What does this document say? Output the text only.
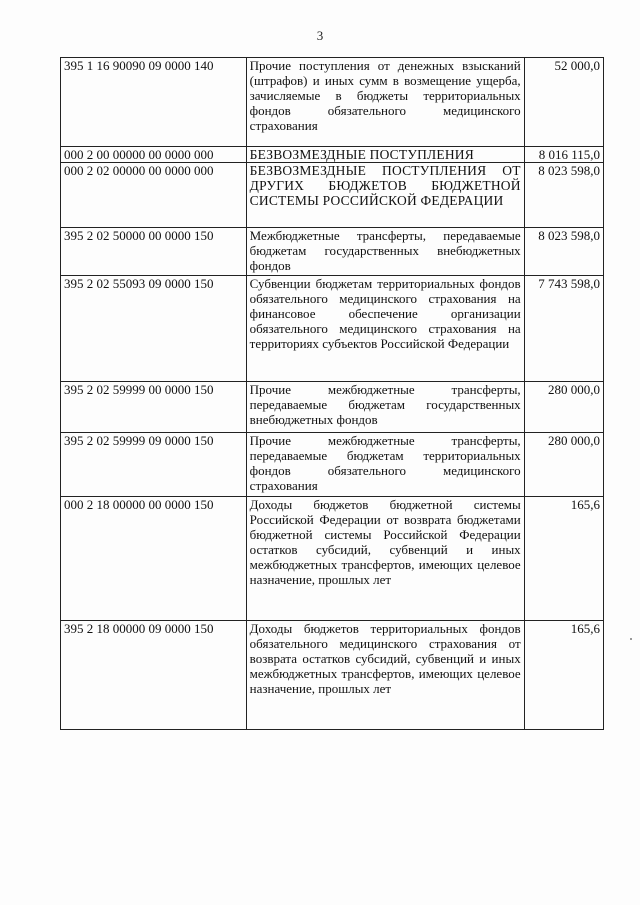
3
395 1 16 90090 09 0000 140	Прочие поступления от денежных взысканий (штрафов) и иных сумм в возмещение ущерба, зачисляемые в бюджеты территориальных фондов обязательного медицинского страхования	52 000,0
000 2 00 00000 00 0000 000	БЕЗВОЗМЕЗДНЫЕ ПОСТУПЛЕНИЯ	8 016 115,0
000 2 02 00000 00 0000 000	БЕЗВОЗМЕЗДНЫЕ ПОСТУПЛЕНИЯ ОТ ДРУГИХ БЮДЖЕТОВ БЮДЖЕТНОЙ СИСТЕМЫ РОССИЙСКОЙ ФЕДЕРАЦИИ	8 023 598,0
395 2 02 50000 00 0000 150	Межбюджетные трансферты, передаваемые бюджетам государственных внебюджетных фондов	8 023 598,0
395 2 02 55093 09 0000 150	Субвенции бюджетам территориальных фондов обязательного медицинского страхования на финансовое обеспечение организации обязательного медицинского страхования на территориях субъектов Российской Федерации	7 743 598,0
395 2 02 59999 00 0000 150	Прочие межбюджетные трансферты, передаваемые бюджетам государственных внебюджетных фондов	280 000,0
395 2 02 59999 09 0000 150	Прочие межбюджетные трансферты, передаваемые бюджетам территориальных фондов обязательного медицинского страхования	280 000,0
000 2 18 00000 00 0000 150	Доходы бюджетов бюджетной системы Российской Федерации от возврата бюджетами бюджетной системы Российской Федерации остатков субсидий, субвенций и иных межбюджетных трансфертов, имеющих целевое назначение, прошлых лет	165,6
395 2 18 00000 09 0000 150	Доходы бюджетов территориальных фондов обязательного медицинского страхования от возврата остатков субсидий, субвенций и иных межбюджетных трансфертов, имеющих целевое назначение, прошлых лет	165,6
